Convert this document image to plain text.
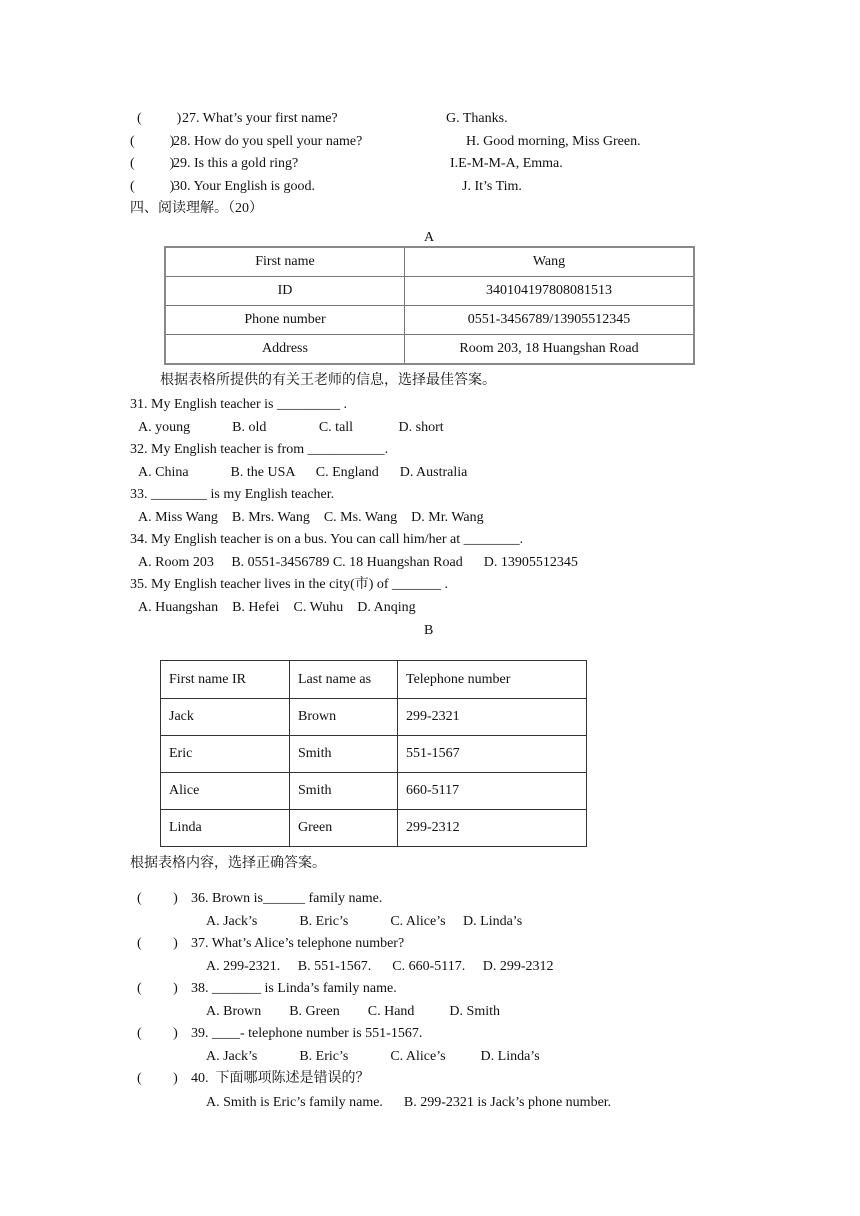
(          ) 27. What’s your first name?	G. Thanks.
(          )
28. How do you spell your name?	H. Good morning, Miss Green.
(          )
29. Is this a gold ring?	I.E-M-M-A, Emma.
(          )
30. Your English is good.	J. It’s Tim.
四、阅读理解。（20）
A
First name	Wang
ID	340104197808081513
Phone number	0551-3456789/13905512345
Address	Room 203, 18 Huangshan Road
根据表格所提供的有关王老师的信息，选择最佳答案。
31. My English teacher is _________ .
A. young            B. old               C. tall             D. short
32. My English teacher is from ___________.
A. China            B. the USA      C. England      D. Australia
33. ________ is my English teacher.
A. Miss Wang    B. Mrs. Wang    C. Ms. Wang    D. Mr. Wang
34. My English teacher is on a bus. You can call him/her at ________.
A. Room 203     B. 0551-3456789 C. 18 Huangshan Road      D. 13905512345
35. My English teacher lives in the city(市) of _______ .
A. Huangshan    B. Hefei    C. Wuhu    D. Anqing
B
First name IR	Last name as	Telephone number
Jack	Brown	299-2321
Eric	Smith	551-1567
Alice	Smith	660-5117
Linda	Green	299-2312
根据表格内容，选择正确答案。
(         ) 36. Brown is______ family name.
A. Jack’s            B. Eric’s            C. Alice’s     D. Linda’s
(         ) 37. What’s Alice’s telephone number?
A. 299-2321.     B. 551-1567.      C. 660-5117.     D. 299-2312
(         ) 38. _______ is Linda’s family name.
A. Brown        B. Green        C. Hand          D. Smith
(         ) 39. ____- telephone number is 551-1567.
A. Jack’s            B. Eric’s            C. Alice’s          D. Linda’s
(         ) 40.  下面哪项陈述是错误的？
A. Smith is Eric’s family name.      B. 299-2321 is Jack’s phone number.
